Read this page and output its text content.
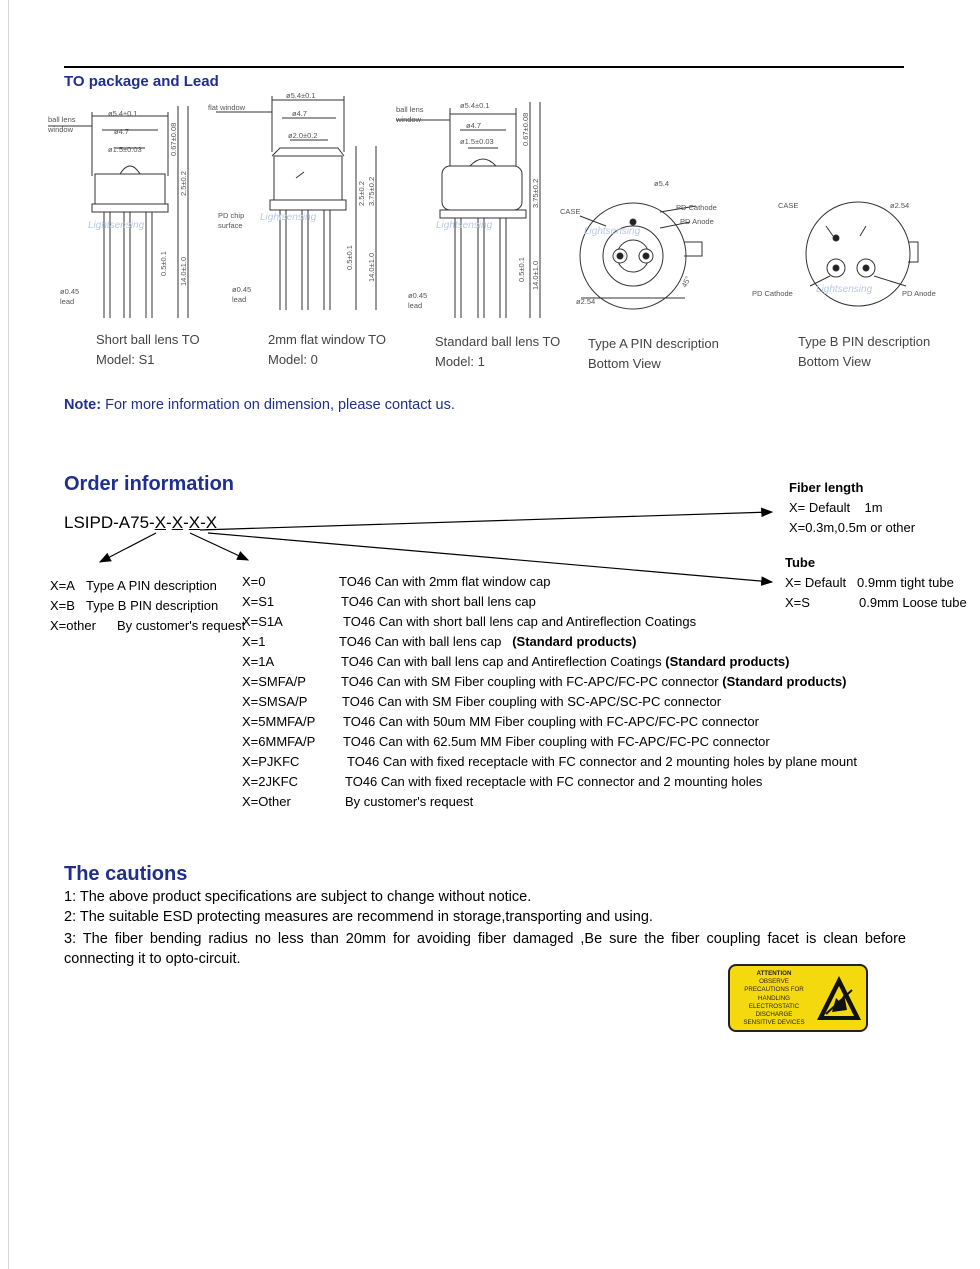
TO package and Lead
ball lens
window
ø5.4±0.1
ø4.7
ø1.5±0.03
ø0.45
lead
0.67±0.08
2.5±0.2
0.5±0.1 14.0±1.0
flat window
ø5.4±0.1
ø4.7
ø2.0±0.2
PD chip
surface
ø0.45
lead
2.5±0.2 3.75±0.2
0.5±0.1 14.0±1.0
ball lens
window
ø5.4±0.1
ø4.7
ø1.5±0.03
ø0.45
lead
0.67±0.08
3.75±0.2
0.5±0.1 14.0±1.0
ø5.4
CASE	PD Cathode
PD Anode
45°
ø2.54
CASE	ø2.54
PD Cathode	PD Anode
Lightsensing
Lightsensing
Lightsensing
Lightsensing
Lightsensing
Short ball lens TO
Model: S1
2mm flat window TO
Model: 0
Standard ball lens TO
Model: 1
Type A PIN description
Bottom View
Type B PIN description
Bottom View
Note: For more information on dimension, please contact us.
Order information
LSIPD-A75-X-X-X-X
X=A Type A PIN description
X=B Type B PIN description
X=other By customer's request
X=0	TO46 Can with 2mm flat window cap
X=S1	TO46 Can with short ball lens cap
X=S1A	TO46 Can with short ball lens cap and Antireflection Coatings
X=1	TO46 Can with ball lens cap (Standard products)
X=1A	TO46 Can with ball lens cap and Antireflection Coatings (Standard products)
X=SMFA/P	TO46 Can with SM Fiber coupling with FC-APC/FC-PC connector (Standard products)
X=SMSA/P	TO46 Can with SM Fiber coupling with SC-APC/SC-PC connector
X=5MMFA/P TO46 Can with 50um MM Fiber coupling with FC-APC/FC-PC connector
X=6MMFA/P TO46 Can with 62.5um MM Fiber coupling with FC-APC/FC-PC connector
X=PJKFC	TO46 Can with fixed receptacle with FC connector and 2 mounting holes by plane mount
X=2JKFC	TO46 Can with fixed receptacle with FC connector and 2 mounting holes
X=Other	By customer's request
Fiber length
X= Default    1m
X=0.3m,0.5m or other
Tube
X= Default 0.9mm tight tube
X=S	0.9mm Loose tube
The cautions
1: The above product specifications are subject to change without notice.
2: The suitable ESD protecting measures are recommend in storage,transporting and using.
3: The fiber bending radius no less than 20mm for avoiding fiber damaged ,Be sure the fiber coupling facet is clean before connecting it to opto-circuit.
ATTENTION
OBSERVE
PRECAUTIONS FOR
HANDLING
ELECTROSTATIC
DISCHARGE
SENSITIVE DEVICES
